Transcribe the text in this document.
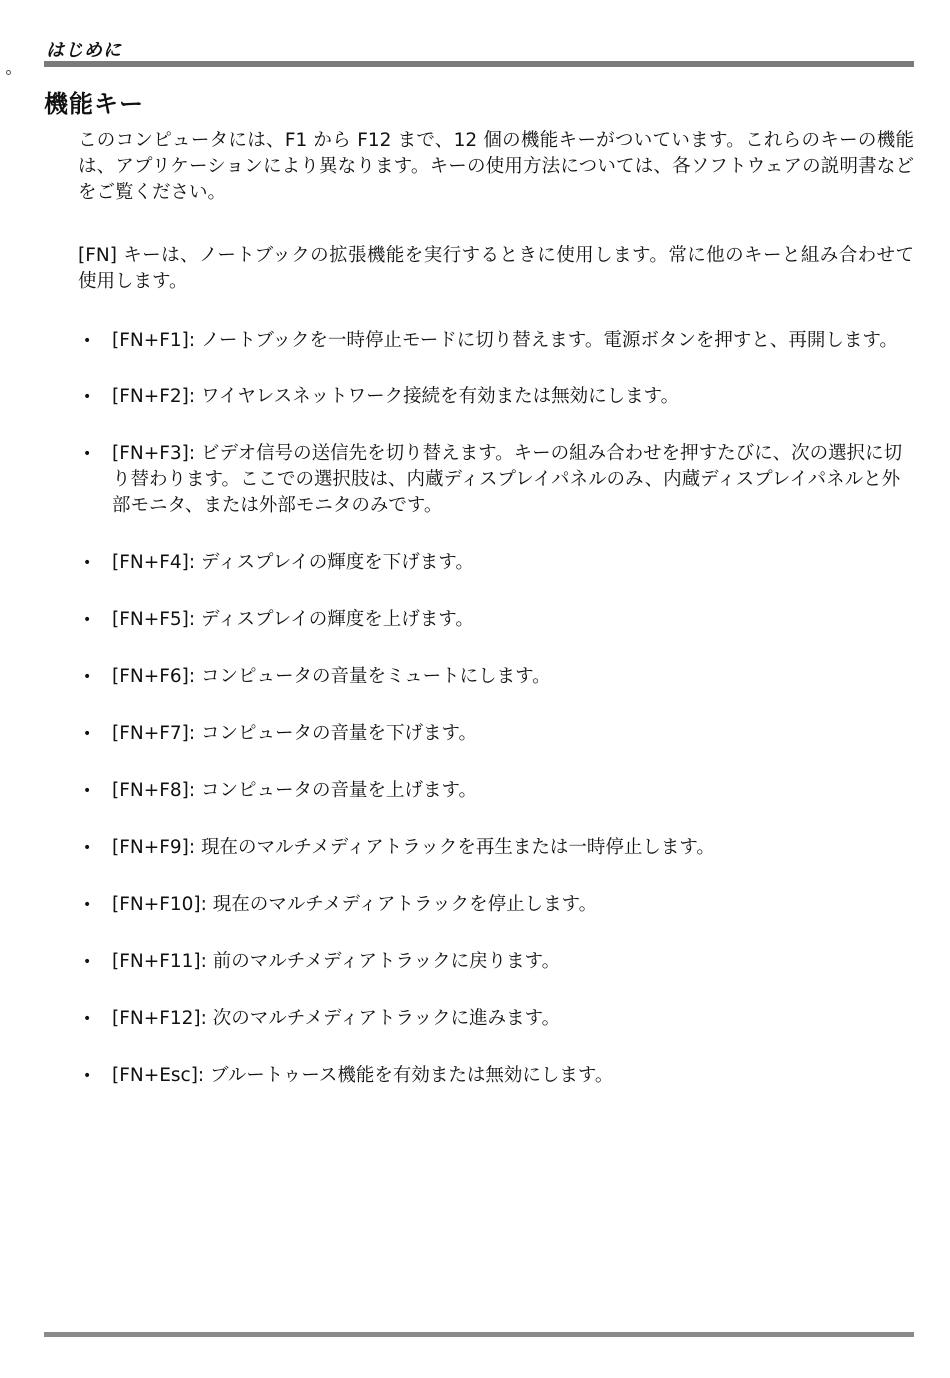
はじめに
機能キー
このコンピュータには、F1 から F12 まで、12 個の機能キーがついています。これらのキーの機能は、アプリケーションにより異なります。キーの使用方法については、各ソフトウェアの説明書などをご覧ください。
[FN] キーは、ノートブックの拡張機能を実行するときに使用します。常に他のキーと組み合わせて使用します。
• [FN+F1]: ノートブックを一時停止モードに切り替えます。電源ボタンを押すと、再開します。
• [FN+F2]: ワイヤレスネットワーク接続を有効または無効にします。
• [FN+F3]: ビデオ信号の送信先を切り替えます。キーの組み合わせを押すたびに、次の選択に切り替わります。ここでの選択肢は、内蔵ディスプレイパネルのみ、内蔵ディスプレイパネルと外部モニタ、または外部モニタのみです。
• [FN+F4]: ディスプレイの輝度を下げます。
• [FN+F5]: ディスプレイの輝度を上げます。
• [FN+F6]: コンピュータの音量をミュートにします。
• [FN+F7]: コンピュータの音量を下げます。
• [FN+F8]: コンピュータの音量を上げます。
• [FN+F9]: 現在のマルチメディアトラックを再生または一時停止します。
• [FN+F10]: 現在のマルチメディアトラックを停止します。
• [FN+F11]: 前のマルチメディアトラックに戻ります。
• [FN+F12]: 次のマルチメディアトラックに進みます。
• [FN+Esc]: ブルートゥース機能を有効または無効にします。
